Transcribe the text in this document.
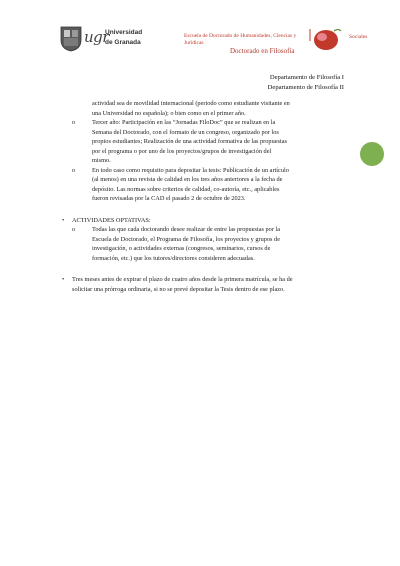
ugr
Universidad
de Granada
Escuela de Doctorado de Humanidades, Ciencias y Jurídicas
Doctorado en Filosofía
Sociales
Departamento de Filosofía I
Departamento de Filosofía II
actividad sea de movilidad internacional (periodo como estudiante visitante en
una Universidad no española); o bien como en el primer año.
o	Tercer año: Participación en las “Jornadas FiloDoc” que se realizan en la
Semana del Doctorado, con el formato de un congreso, organizado por los
propios estudiantes; Realización de una actividad formativa de las propuestas
por el programa o por uno de los proyectos/grupos de investigación del
mismo.
o	En todo caso como requisito para depositar la tesis: Publicación de un artículo
(al menos) en una revista de calidad en los tres años anteriores a la fecha de
depósito. Las normas sobre criterios de calidad, co-autoría, etc., aplicables
fueron revisadas por la CAD el pasado 2 de octubre de 2023.
• ACTIVIDADES OPTATIVAS:
o	Todas las que cada doctorando desee realizar de entre las propuestas por la
Escuela de Doctorado, el Programa de Filosofía, los proyectos y grupos de
investigación, o actividades externas (congresos, seminarios, cursos de
formación, etc.) que los tutores/directores consideren adecuadas.
• Tres meses antes de expirar el plazo de cuatro años desde la primera matrícula, se ha de
solicitar una prórroga ordinaria, si no se prevé depositar la Tesis dentro de ese plazo.
